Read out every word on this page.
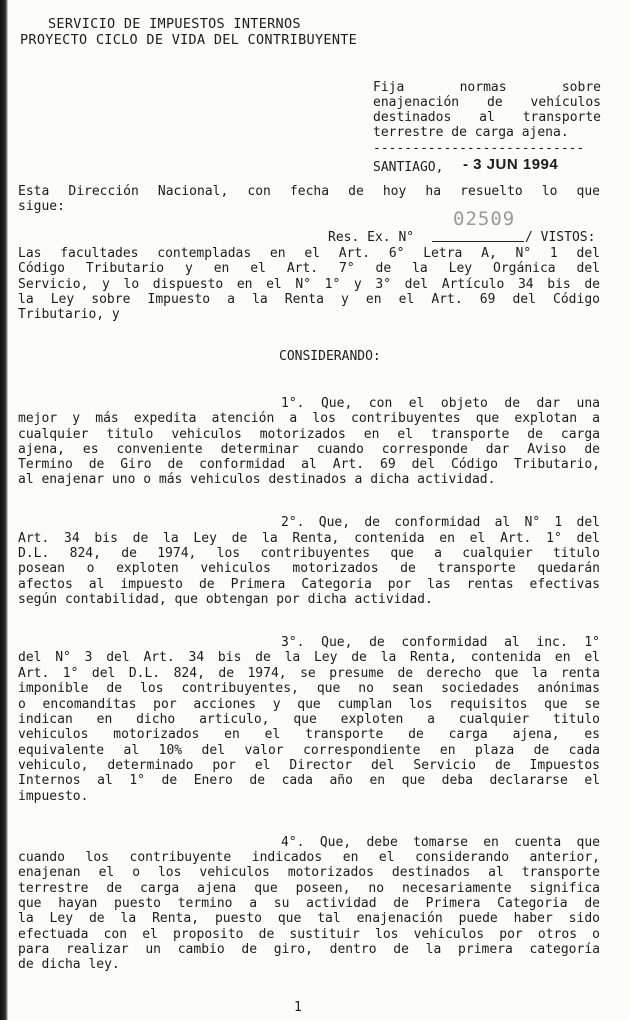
SERVICIO DE IMPUESTOS INTERNOS
PROYECTO CICLO DE VIDA DEL CONTRIBUYENTE
Fija normas sobre
enajenación de vehículos
destinados al transporte
terrestre de carga ajena.
---------------------------
SANTIAGO, - 3 JUN 1994
Esta Dirección Nacional, con fecha de hoy ha resuelto lo que
sigue:
Res. Ex. N°	/ VISTOS:
02509
Las facultades contempladas en el Art. 6° Letra A, N° 1 del
Código Tributario y en el Art. 7° de la Ley Orgánica del
Servicio, y lo dispuesto en el N° 1° y 3° del Artículo 34 bis de
la Ley sobre Impuesto a la Renta y en el Art. 69 del Código
Tributario, y
CONSIDERANDO:
1°. Que, con el objeto de dar una
mejor y más expedita atención a los contribuyentes que explotan a
cualquier titulo vehiculos motorizados en el transporte de carga
ajena, es conveniente determinar cuando corresponde dar Aviso de
Termino de Giro de conformidad al Art. 69 del Código Tributario,
al enajenar uno o más vehiculos destinados a dicha actividad.
2°. Que, de conformidad al N° 1 del
Art. 34 bis de la Ley de la Renta, contenida en el Art. 1° del
D.L. 824, de 1974, los contribuyentes que a cualquier titulo
posean o exploten vehiculos motorizados de transporte quedarán
afectos al impuesto de Primera Categoria por las rentas efectivas
según contabilidad, que obtengan por dicha actividad.
3°. Que, de conformidad al inc. 1°
del N° 3 del Art. 34 bis de la Ley de la Renta, contenida en el
Art. 1° del D.L. 824, de 1974, se presume de derecho que la renta
imponible de los contribuyentes, que no sean sociedades anónimas
o encomanditas por acciones y que cumplan los requisitos que se
indican en dicho articulo, que exploten a cualquier titulo
vehiculos motorizados en el transporte de carga ajena, es
equivalente al 10% del valor correspondiente en plaza de cada
vehiculo, determinado por el Director del Servicio de Impuestos
Internos al 1° de Enero de cada año en que deba declararse el
impuesto.
4°. Que, debe tomarse en cuenta que
cuando los contribuyente indicados en el considerando anterior,
enajenan el o los vehiculos motorizados destinados al transporte
terrestre de carga ajena que poseen, no necesariamente significa
que hayan puesto termino a su actividad de Primera Categoria de
la Ley de la Renta, puesto que tal enajenación puede haber sido
efectuada con el proposito de sustituir los vehiculos por otros o
para realizar un cambio de giro, dentro de la primera categoría
de dicha ley.
1
